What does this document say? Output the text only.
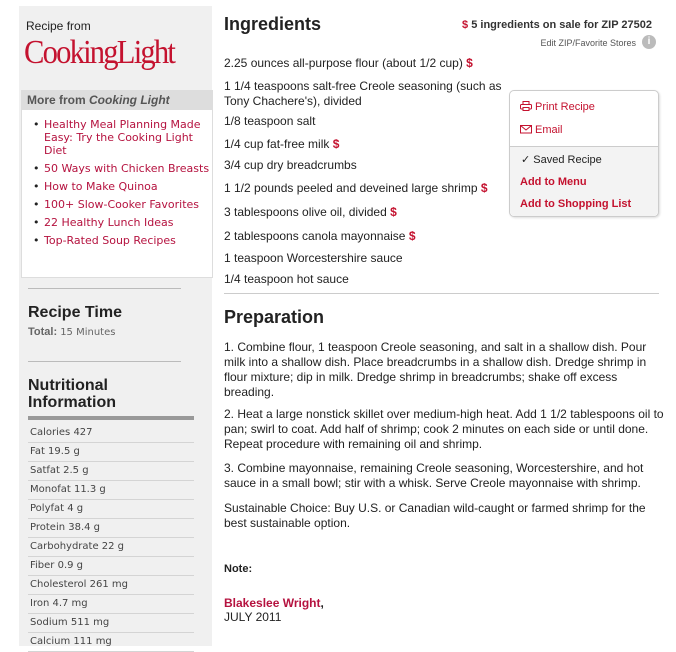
Recipe from
CookingLight
More from Cooking Light
• Healthy Meal Planning Made Easy: Try the Cooking Light Diet
• 50 Ways with Chicken Breasts
• How to Make Quinoa
• 100+ Slow-Cooker Favorites
• 22 Healthy Lunch Ideas
• Top-Rated Soup Recipes
Recipe Time
Total: 15 Minutes
Nutritional Information
Calories 427
Fat 19.5 g
Satfat 2.5 g
Monofat 11.3 g
Polyfat 4 g
Protein 38.4 g
Carbohydrate 22 g
Fiber 0.9 g
Cholesterol 261 mg
Iron 4.7 mg
Sodium 511 mg
Calcium 111 mg
Ingredients	$ 5 ingredients on sale for ZIP 27502
Edit ZIP/Favorite Stores	i
2.25 ounces all-purpose flour (about 1/2 cup) $
1 1/4 teaspoons salt-free Creole seasoning (such as Tony Chachere's), divided
1/8 teaspoon salt
1/4 cup fat-free milk $
3/4 cup dry breadcrumbs
1 1/2 pounds peeled and deveined large shrimp $
3 tablespoons olive oil, divided $
2 tablespoons canola mayonnaise $
1 teaspoon Worcestershire sauce
1/4 teaspoon hot sauce
Preparation
1. Combine flour, 1 teaspoon Creole seasoning, and salt in a shallow dish. Pour milk into a shallow dish. Place breadcrumbs in a shallow dish. Dredge shrimp in flour mixture; dip in milk. Dredge shrimp in breadcrumbs; shake off excess breading.
2. Heat a large nonstick skillet over medium-high heat. Add 1 1/2 tablespoons oil to pan; swirl to coat. Add half of shrimp; cook 2 minutes on each side or until done. Repeat procedure with remaining oil and shrimp.
3. Combine mayonnaise, remaining Creole seasoning, Worcestershire, and hot sauce in a small bowl; stir with a whisk. Serve Creole mayonnaise with shrimp.
Sustainable Choice: Buy U.S. or Canadian wild-caught or farmed shrimp for the best sustainable option.
Note:
Blakeslee Wright,
JULY 2011
Print Recipe
Email
✓ Saved Recipe
Add to Menu
Add to Shopping List
